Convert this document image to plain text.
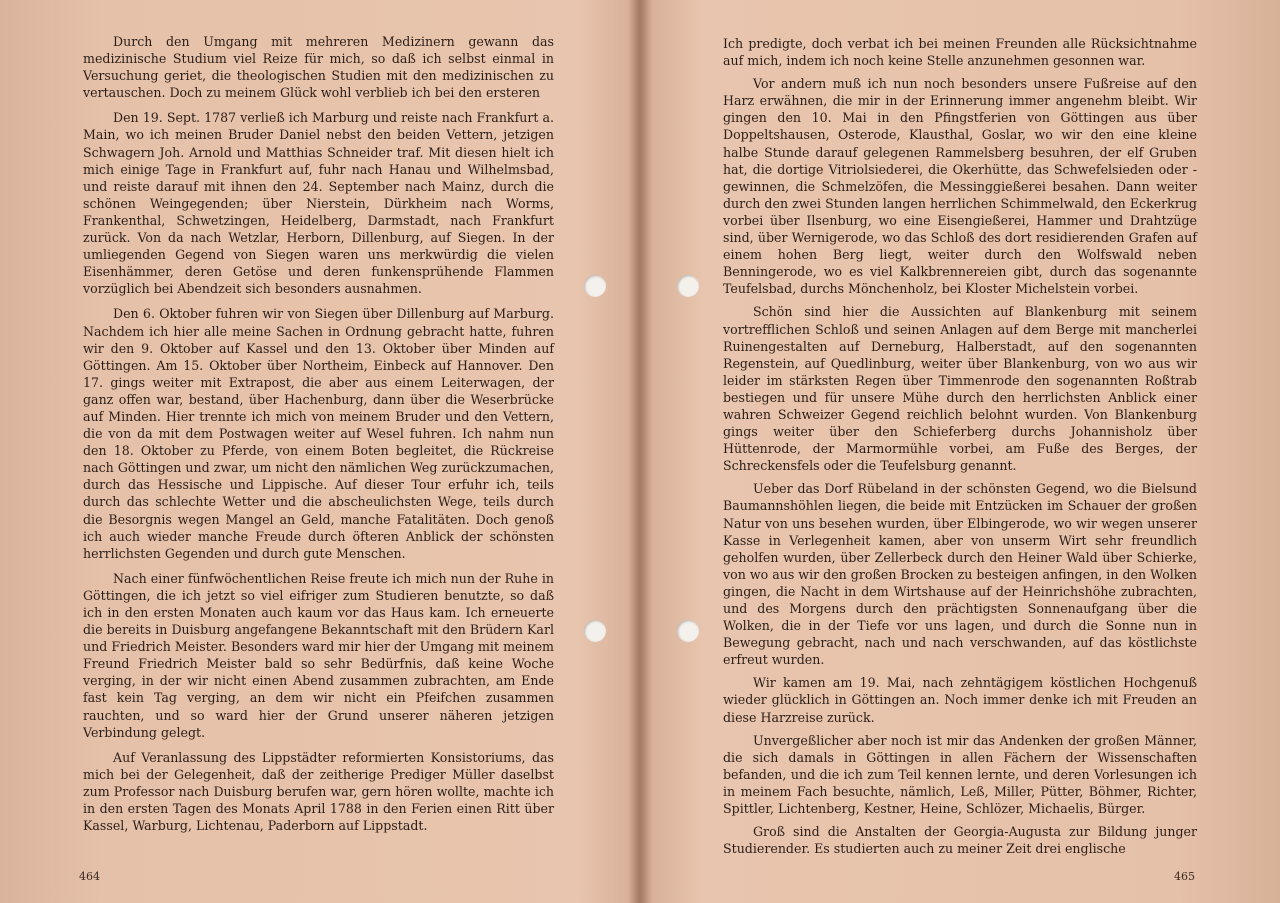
Durch den Umgang mit mehreren Medizinern gewann das medizinische Studium viel Reize für mich, so daß ich selbst einmal in Versuchung geriet, die theologischen Studien mit den medizinischen zu vertauschen. Doch zu meinem Glück wohl verblieb ich bei den ersteren

Den 19. Sept. 1787 verließ ich Marburg und reiste nach Frankfurt a. Main, wo ich meinen Bruder Daniel nebst den beiden Vettern, jetzigen Schwagern Joh. Arnold und Matthias Schneider traf. Mit diesen hielt ich mich einige Tage in Frankfurt auf, fuhr nach Hanau und Wilhelmsbad, und reiste darauf mit ihnen den 24. September nach Mainz, durch die schönen Weingegenden; über Nierstein, Dürkheim nach Worms, Frankenthal, Schwetzingen, Heidelberg, Darmstadt, nach Frankfurt zurück. Von da nach Wetzlar, Herborn, Dillenburg, auf Siegen. In der umliegenden Gegend von Siegen waren uns merkwürdig die vielen Eisenhämmer, deren Getöse und deren funkensprühende Flammen vorzüglich bei Abendzeit sich besonders ausnahmen.

Den 6. Oktober fuhren wir von Siegen über Dillenburg auf Marburg. Nachdem ich hier alle meine Sachen in Ordnung gebracht hatte, fuhren wir den 9. Oktober auf Kassel und den 13. Oktober über Minden auf Göttingen. Am 15. Oktober über Northeim, Einbeck auf Hannover. Den 17. gings weiter mit Extrapost, die aber aus einem Leiterwagen, der ganz offen war, bestand, über Hachenburg, dann über die Weserbrücke auf Minden. Hier trennte ich mich von meinem Bruder und den Vettern, die von da mit dem Postwagen weiter auf Wesel fuhren. Ich nahm nun den 18. Oktober zu Pferde, von einem Boten begleitet, die Rückreise nach Göttingen und zwar, um nicht den nämlichen Weg zurückzumachen, durch das Hessische und Lippische. Auf dieser Tour erfuhr ich, teils durch das schlechte Wetter und die abscheulichsten Wege, teils durch die Besorgnis wegen Mangel an Geld, manche Fatalitäten. Doch genoß ich auch wieder manche Freude durch öfteren Anblick der schönsten herrlichsten Gegenden und durch gute Menschen.

Nach einer fünfwöchentlichen Reise freute ich mich nun der Ruhe in Göttingen, die ich jetzt so viel eifriger zum Studieren benutzte, so daß ich in den ersten Monaten auch kaum vor das Haus kam. Ich erneuerte die bereits in Duisburg angefangene Bekanntschaft mit den Brüdern Karl und Friedrich Meister. Besonders ward mir hier der Umgang mit meinem Freund Friedrich Meister bald so sehr Bedürfnis, daß keine Woche verging, in der wir nicht einen Abend zusammen zubrachten, am Ende fast kein Tag verging, an dem wir nicht ein Pfeifchen zusammen rauchten, und so ward hier der Grund unserer näheren jetzigen Verbindung gelegt.

Auf Veranlassung des Lippstädter reformierten Konsistoriums, das mich bei der Gelegenheit, daß der zeitherige Prediger Müller daselbst zum Professor nach Duisburg berufen war, gern hören wollte, machte ich in den ersten Tagen des Monats April 1788 in den Ferien einen Ritt über Kassel, Warburg, Lichtenau, Paderborn auf Lippstadt.

464

Ich predigte, doch verbat ich bei meinen Freunden alle Rücksichtnahme auf mich, indem ich noch keine Stelle anzunehmen gesonnen war.

Vor andern muß ich nun noch besonders unsere Fußreise auf den Harz erwähnen, die mir in der Erinnerung immer angenehm bleibt. Wir gingen den 10. Mai in den Pfingstferien von Göttingen aus über Doppeltshausen, Osterode, Klausthal, Goslar, wo wir den eine kleine halbe Stunde darauf gelegenen Rammelsberg besuhren, der elf Gruben hat, die dortige Vitriolsiederei, die Okerhütte, das Schwefelsieden oder -gewinnen, die Schmelzöfen, die Messinggießerei besahen. Dann weiter durch den zwei Stunden langen herrlichen Schimmelwald, den Eckerkrug vorbei über Ilsenburg, wo eine Eisengießerei, Hammer und Drahtzüge sind, über Wernigerode, wo das Schloß des dort residierenden Grafen auf einem hohen Berg liegt, weiter durch den Wolfswald neben Benningerode, wo es viel Kalkbrennereien gibt, durch das sogenannte Teufelsbad, durchs Mönchenholz, bei Kloster Michelstein vorbei.

Schön sind hier die Aussichten auf Blankenburg mit seinem vortrefflichen Schloß und seinen Anlagen auf dem Berge mit mancherlei Ruinengestalten auf Derneburg, Halberstadt, auf den sogenannten Regenstein, auf Quedlinburg, weiter über Blankenburg, von wo aus wir leider im stärksten Regen über Timmenrode den sogenannten Roßtrab bestiegen und für unsere Mühe durch den herrlichsten Anblick einer wahren Schweizer Gegend reichlich belohnt wurden. Von Blankenburg gings weiter über den Schieferberg durchs Johannisholz über Hüttenrode, der Marmormühle vorbei, am Fuße des Berges, der Schreckensfels oder die Teufelsburg genannt.

Ueber das Dorf Rübeland in der schönsten Gegend, wo die Bielsund Baumannshöhlen liegen, die beide mit Entzücken im Schauer der großen Natur von uns besehen wurden, über Elbingerode, wo wir wegen unserer Kasse in Verlegenheit kamen, aber von unserm Wirt sehr freundlich geholfen wurden, über Zellerbeck durch den Heiner Wald über Schierke, von wo aus wir den großen Brocken zu besteigen anfingen, in den Wolken gingen, die Nacht in dem Wirtshause auf der Heinrichshöhe zubrachten, und des Morgens durch den prächtigsten Sonnenaufgang über die Wolken, die in der Tiefe vor uns lagen, und durch die Sonne nun in Bewegung gebracht, nach und nach verschwanden, auf das köstlichste erfreut wurden.

Wir kamen am 19. Mai, nach zehntägigem köstlichen Hochgenuß wieder glücklich in Göttingen an. Noch immer denke ich mit Freuden an diese Harzreise zurück.

Unvergeßlicher aber noch ist mir das Andenken der großen Männer, die sich damals in Göttingen in allen Fächern der Wissenschaften befanden, und die ich zum Teil kennen lernte, und deren Vorlesungen ich in meinem Fach besuchte, nämlich, Leß, Miller, Pütter, Böhmer, Richter, Spittler, Lichtenberg, Kestner, Heine, Schlözer, Michaelis, Bürger.

Groß sind die Anstalten der Georgia-Augusta zur Bildung junger Studierender. Es studierten auch zu meiner Zeit drei englische

465
